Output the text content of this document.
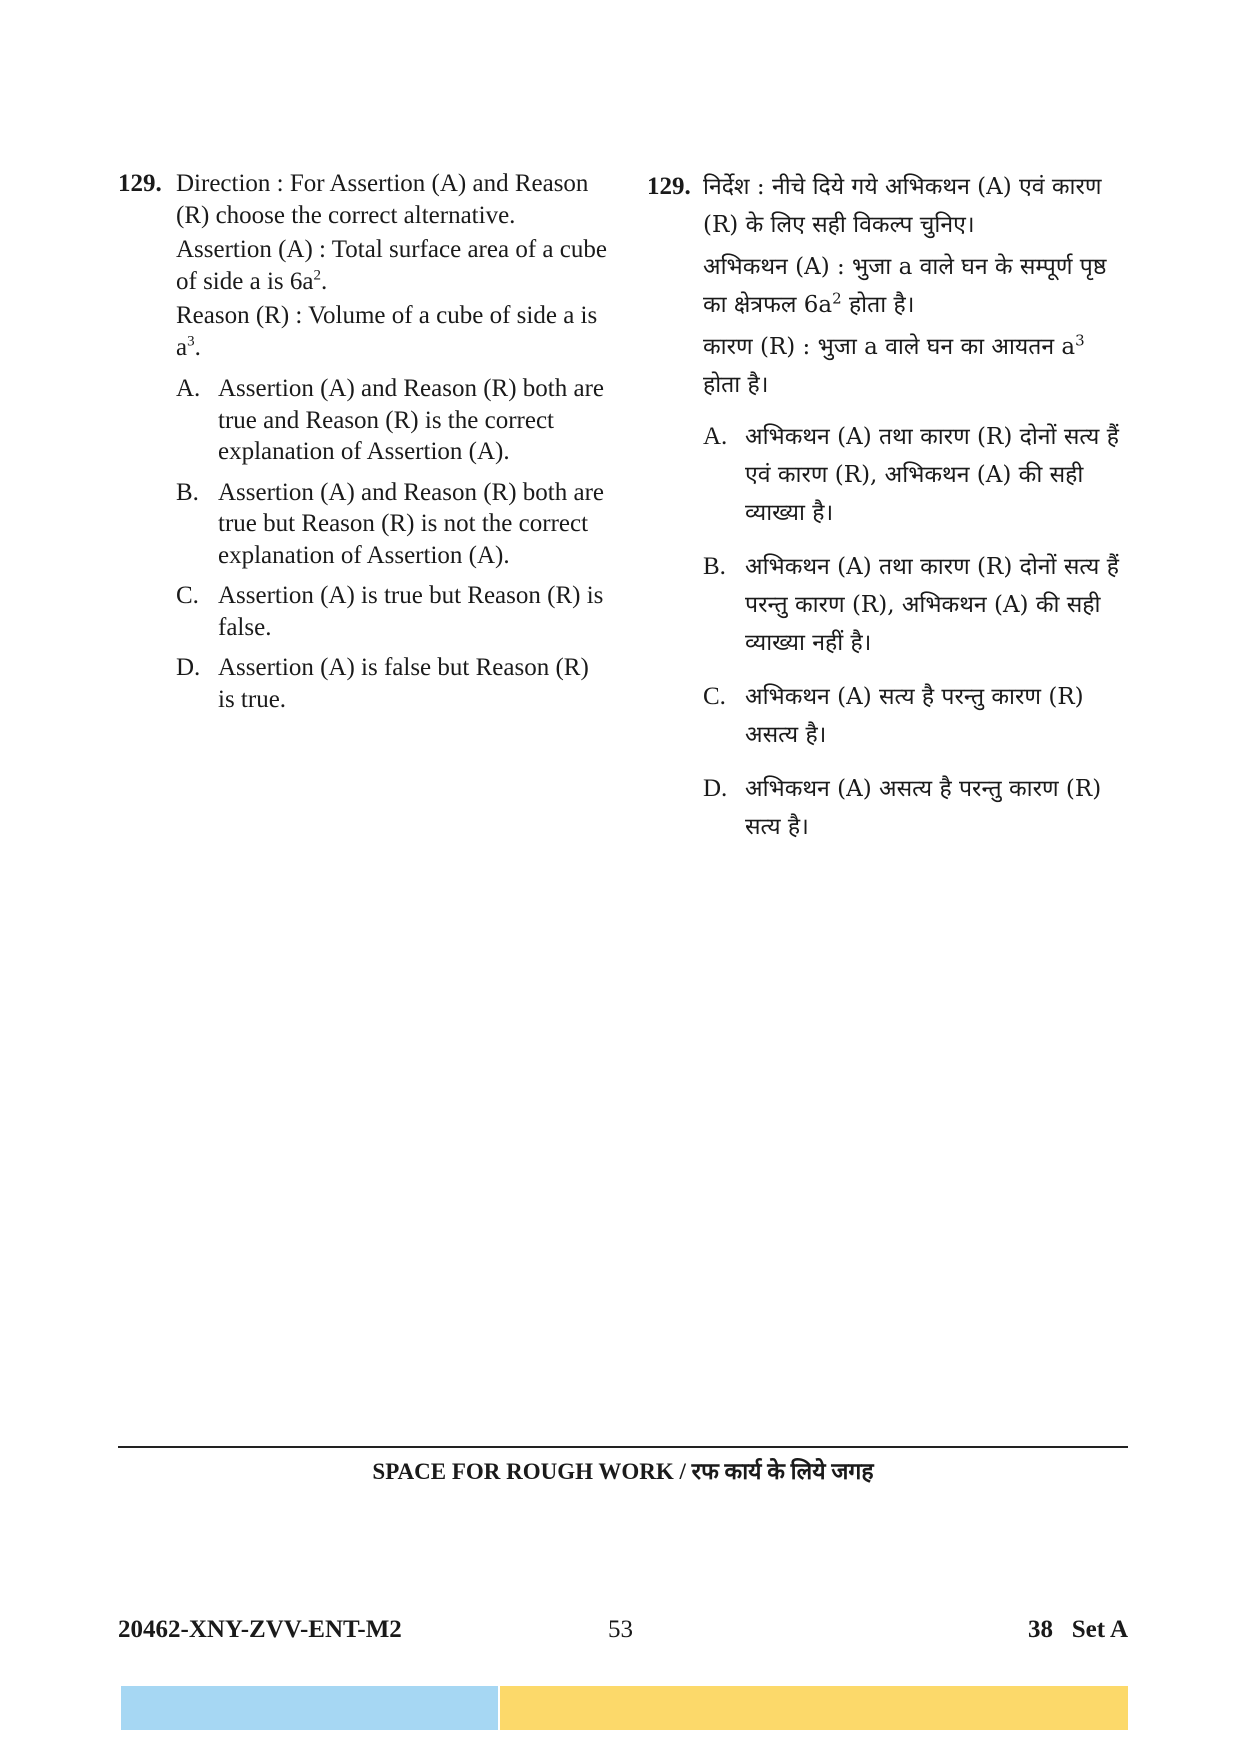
129. Direction : For Assertion (A) and Reason (R) choose the correct alternative.

Assertion (A) : Total surface area of a cube of side a is $6a^2$.

Reason (R) : Volume of a cube of side a is $a^3$.

A. Assertion (A) and Reason (R) both are true and Reason (R) is the correct explanation of Assertion (A).
B. Assertion (A) and Reason (R) both are true but Reason (R) is not the correct explanation of Assertion (A).
C. Assertion (A) is true but Reason (R) is false.
D. Assertion (A) is false but Reason (R) is true.
129. निर्देश : नीचे दिये गये अभिकथन (A) एवं कारण (R) के लिए सही विकल्प चुनिए।

अभिकथन (A) : भुजा a वाले घन के सम्पूर्ण पृष्ठ का क्षेत्रफल $6a^2$ होता है।

कारण (R) : भुजा a वाले घन का आयतन $a^3$ होता है।

A. अभिकथन (A) तथा कारण (R) दोनों सत्य हैं एवं कारण (R), अभिकथन (A) की सही व्याख्या है।
B. अभिकथन (A) तथा कारण (R) दोनों सत्य हैं परन्तु कारण (R), अभिकथन (A) की सही व्याख्या नहीं है।
C. अभिकथन (A) सत्य है परन्तु कारण (R) असत्य है।
D. अभिकथन (A) असत्य है परन्तु कारण (R) सत्य है।
SPACE FOR ROUGH WORK / रफ कार्य के लिये जगह
20462-XNY-ZVV-ENT-M2	53	38   Set A
